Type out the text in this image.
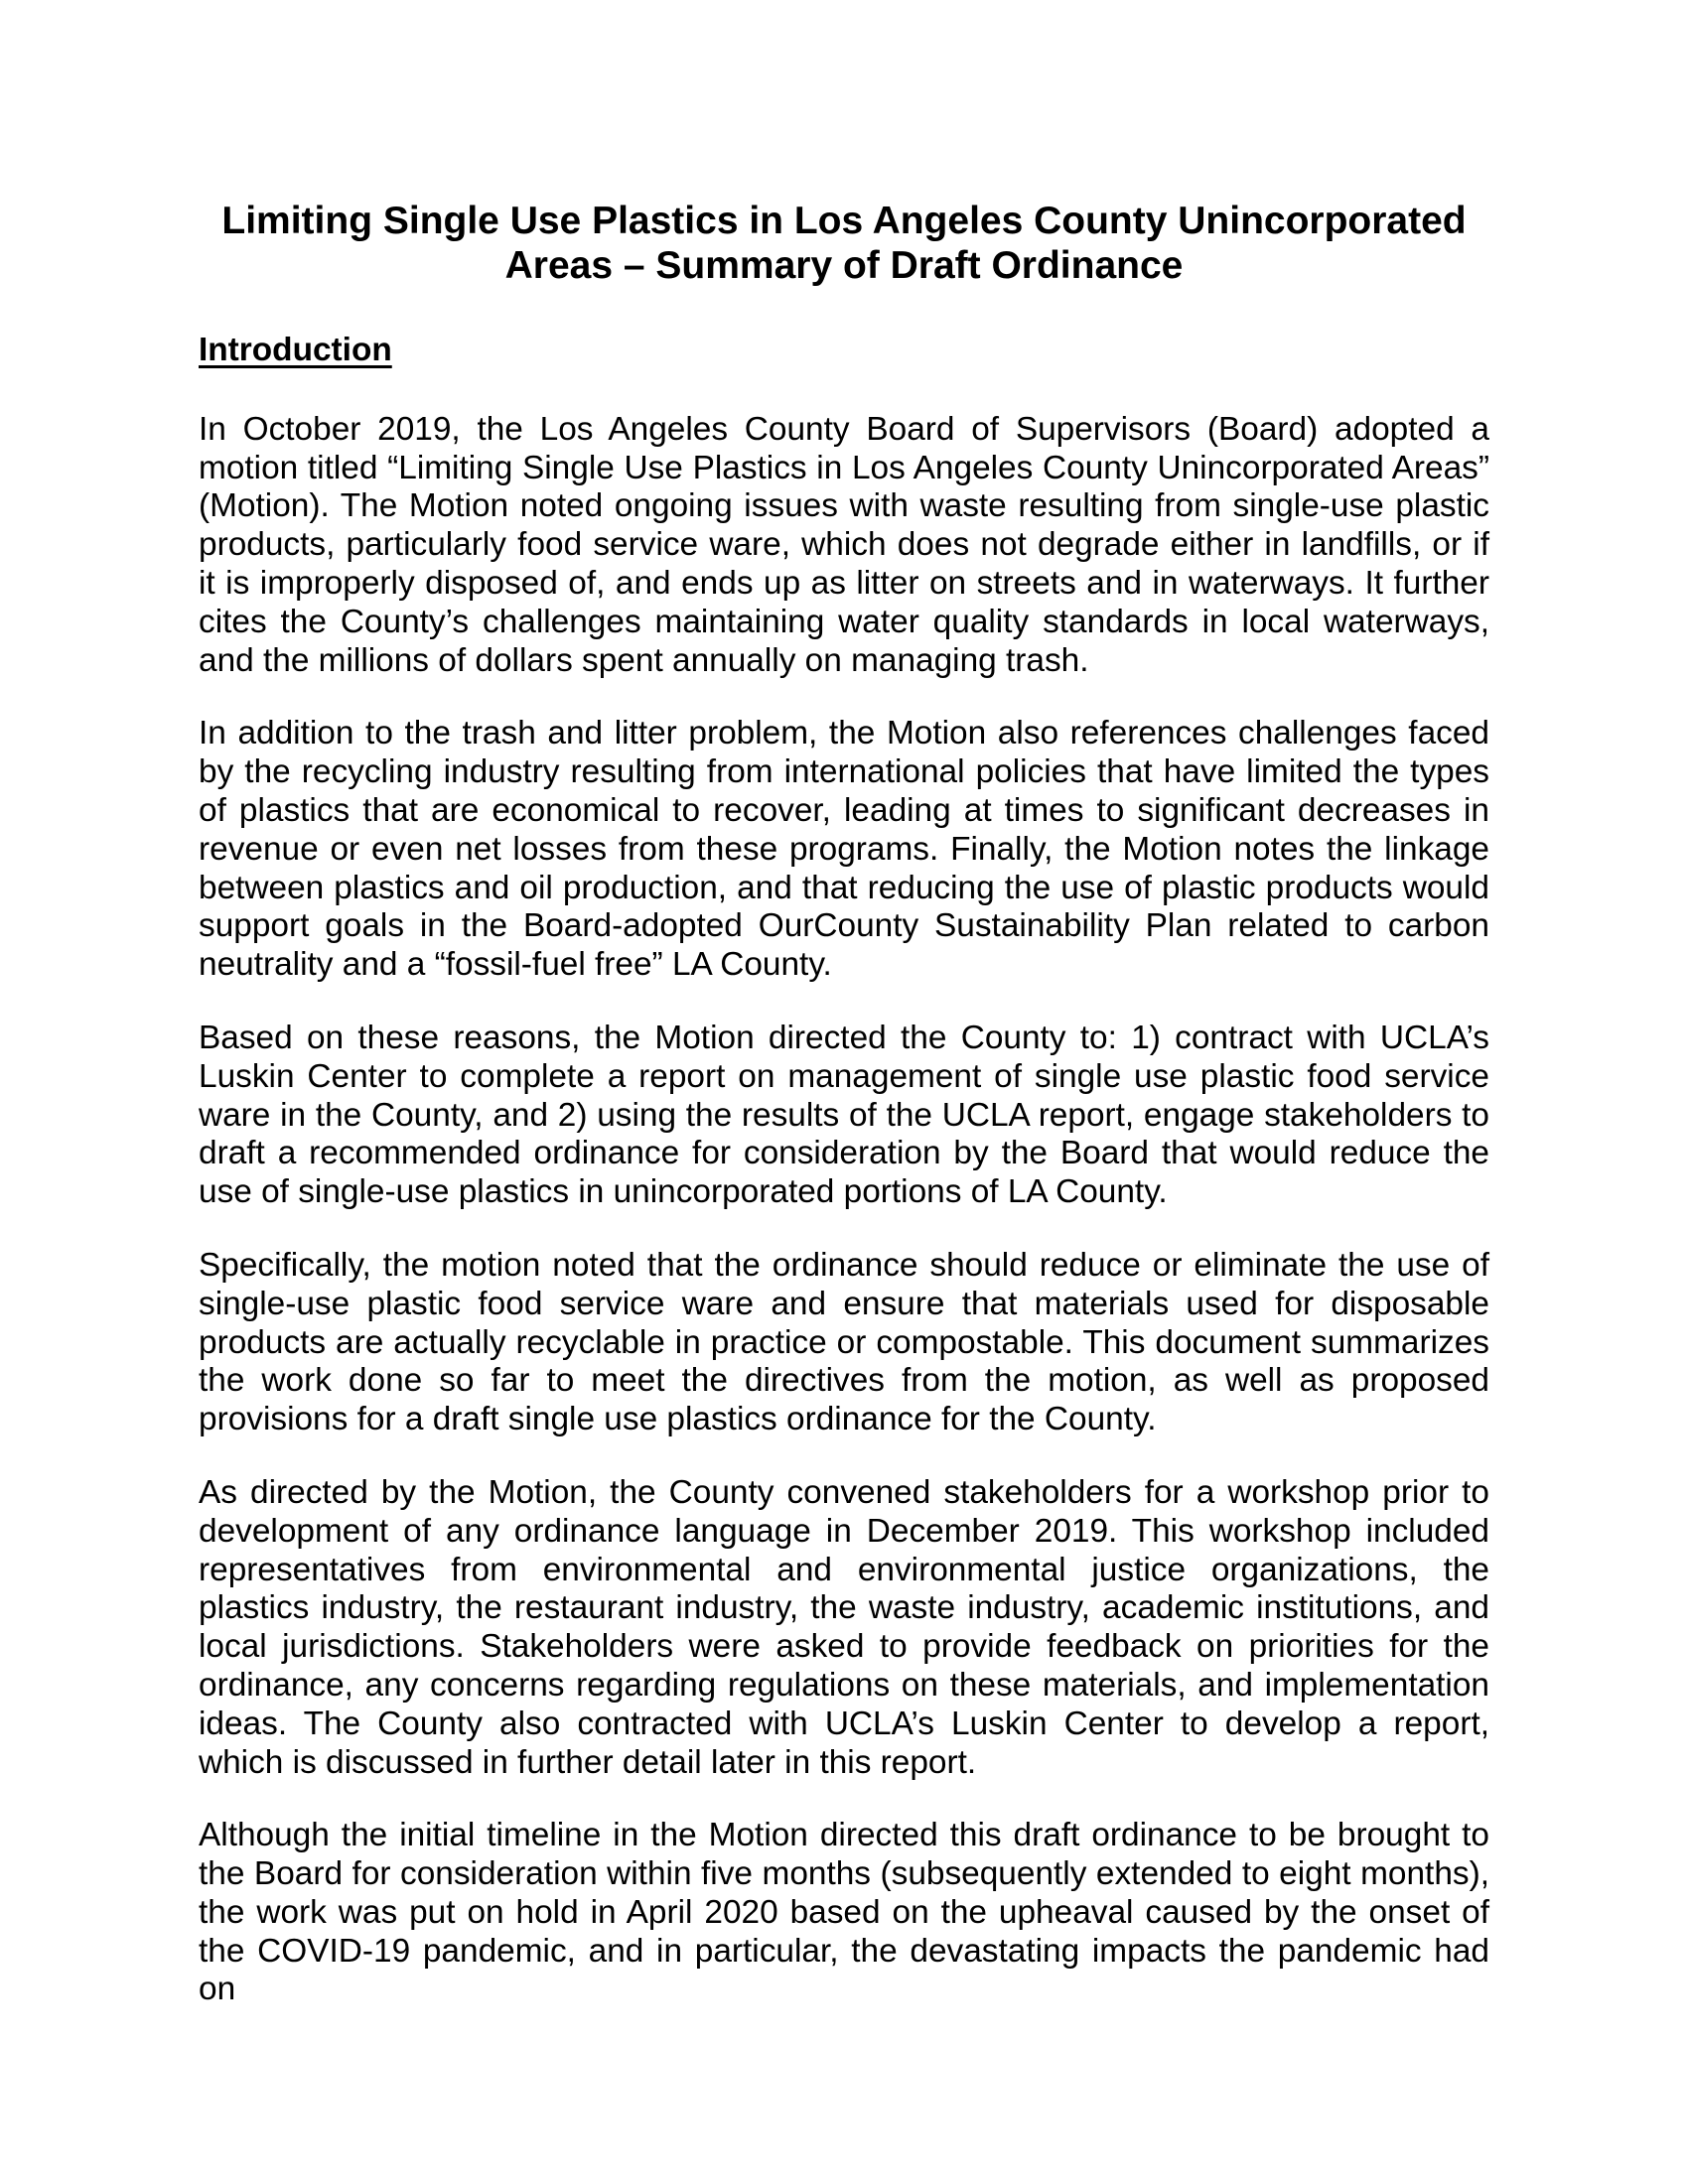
Limiting Single Use Plastics in Los Angeles County Unincorporated
Areas – Summary of Draft Ordinance
Introduction

In October 2019, the Los Angeles County Board of Supervisors (Board) adopted a motion titled “Limiting Single Use Plastics in Los Angeles County Unincorporated Areas” (Motion). The Motion noted ongoing issues with waste resulting from single-use plastic products, particularly food service ware, which does not degrade either in landfills, or if it is improperly disposed of, and ends up as litter on streets and in waterways. It further cites the County’s challenges maintaining water quality standards in local waterways, and the millions of dollars spent annually on managing trash.

In addition to the trash and litter problem, the Motion also references challenges faced by the recycling industry resulting from international policies that have limited the types of plastics that are economical to recover, leading at times to significant decreases in revenue or even net losses from these programs. Finally, the Motion notes the linkage between plastics and oil production, and that reducing the use of plastic products would support goals in the Board-adopted OurCounty Sustainability Plan related to carbon neutrality and a “fossil-fuel free” LA County.

Based on these reasons, the Motion directed the County to: 1) contract with UCLA’s Luskin Center to complete a report on management of single use plastic food service ware in the County, and 2) using the results of the UCLA report, engage stakeholders to draft a recommended ordinance for consideration by the Board that would reduce the use of single-use plastics in unincorporated portions of LA County.

Specifically, the motion noted that the ordinance should reduce or eliminate the use of single-use plastic food service ware and ensure that materials used for disposable products are actually recyclable in practice or compostable. This document summarizes the work done so far to meet the directives from the motion, as well as proposed provisions for a draft single use plastics ordinance for the County.

As directed by the Motion, the County convened stakeholders for a workshop prior to development of any ordinance language in December 2019. This workshop included representatives from environmental and environmental justice organizations, the plastics industry, the restaurant industry, the waste industry, academic institutions, and local jurisdictions. Stakeholders were asked to provide feedback on priorities for the ordinance, any concerns regarding regulations on these materials, and implementation ideas. The County also contracted with UCLA’s Luskin Center to develop a report, which is discussed in further detail later in this report.

Although the initial timeline in the Motion directed this draft ordinance to be brought to the Board for consideration within five months (subsequently extended to eight months), the work was put on hold in April 2020 based on the upheaval caused by the onset of the COVID-19 pandemic, and in particular, the devastating impacts the pandemic had on
